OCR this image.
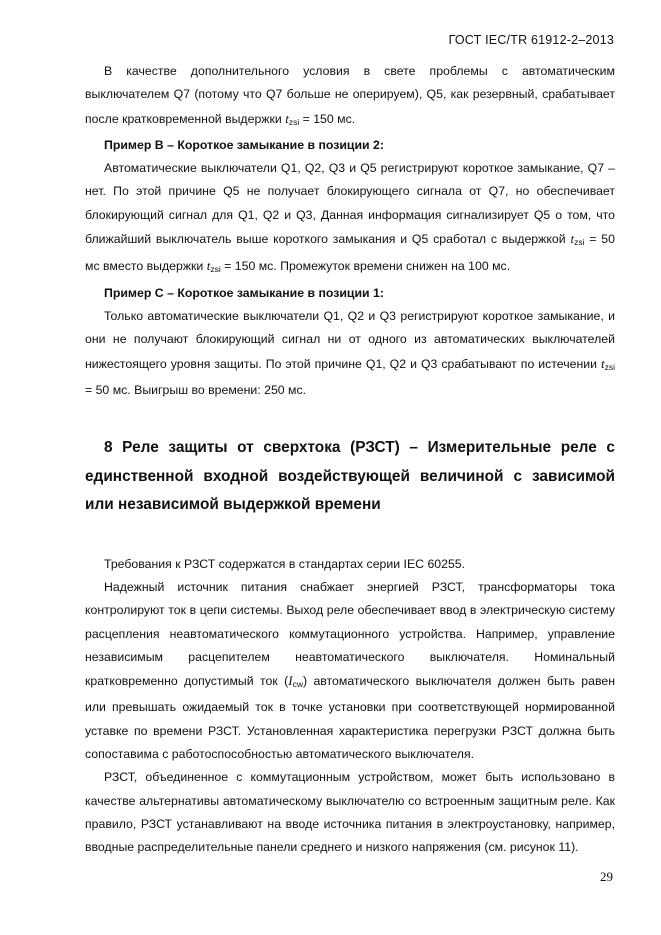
ГОСТ IEC/TR 61912-2–2013

В качестве дополнительного условия в свете проблемы с автоматическим выключателем Q7 (потому что Q7 больше не оперируем), Q5, как резервный, срабатывает после кратковременной выдержки $t_{zsi} = 150$ мс.

Пример B – Короткое замыкание в позиции 2:

Автоматические выключатели Q1, Q2, Q3 и Q5 регистрируют короткое замыкание, Q7 – нет. По этой причине Q5 не получает блокирующего сигнала от Q7, но обеспечивает блокирующий сигнал для Q1, Q2 и Q3, Данная информация сигнализирует Q5 о том, что ближайший выключатель выше короткого замыкания и Q5 сработал с выдержкой $t_{zsi} = 50$ мс вместо выдержки $t_{zsi} = 150$ мс. Промежуток времени снижен на 100 мс.

Пример C – Короткое замыкание в позиции 1:

Только автоматические выключатели Q1, Q2 и Q3 регистрируют короткое замыкание, и они не получают блокирующий сигнал ни от одного из автоматических выключателей нижестоящего уровня защиты. По этой причине Q1, Q2 и Q3 срабатывают по истечении $t_{zsi} = 50$ мс. Выигрыш во времени: 250 мс.

8 Реле защиты от сверхтока (РЗСТ) – Измерительные реле с единственной входной воздействующей величиной с зависимой или независимой выдержкой времени

Требования к РЗСТ содержатся в стандартах серии IEC 60255.

Надежный источник питания снабжает энергией РЗСТ, трансформаторы тока контролируют ток в цепи системы. Выход реле обеспечивает ввод в электрическую систему расцепления неавтоматического коммутационного устройства. Например, управление независимым расцепителем неавтоматического выключателя. Номинальный кратковременно допустимый ток $(I_{cw})$ автоматического выключателя должен быть равен или превышать ожидаемый ток в точке установки при соответствующей нормированной уставке по времени РЗСТ. Установленная характеристика перегрузки РЗСТ должна быть сопоставима с работоспособностью автоматического выключателя.

РЗСТ, объединенное с коммутационным устройством, может быть использовано в качестве альтернативы автоматическому выключателю со встроенным защитным реле. Как правило, РЗСТ устанавливают на вводе источника питания в электроустановку, например, вводные распределительные панели среднего и низкого напряжения (см. рисунок 11).

29
